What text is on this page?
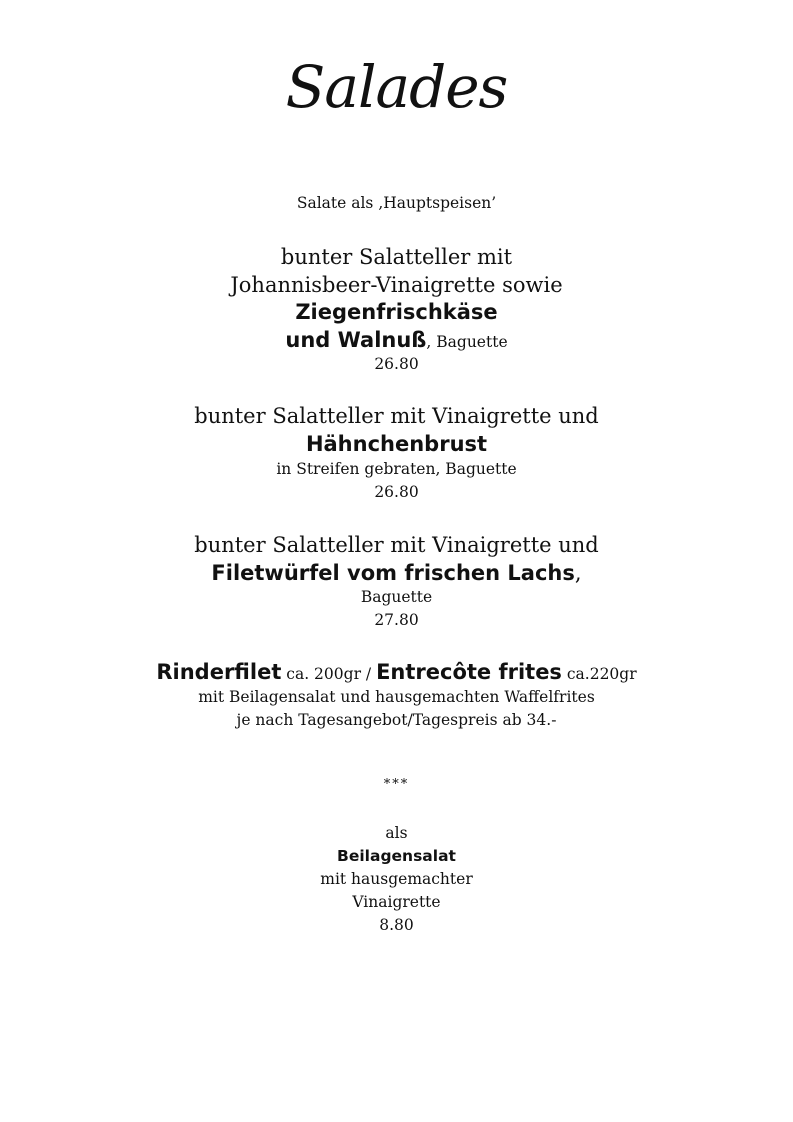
Salades
Salate als ‚Hauptspeisen’
bunter Salatteller mit
Johannisbeer-Vinaigrette sowie
Ziegenfrischkäse
und Walnuß, Baguette
26.80
bunter Salatteller mit Vinaigrette und
Hähnchenbrust
in Streifen gebraten, Baguette
26.80
bunter Salatteller mit Vinaigrette und
Filetwürfel vom frischen Lachs,
Baguette
27.80
Rinderfilet ca. 200gr / Entrecôte frites ca.220gr
mit Beilagensalat und hausgemachten Waffelfrites
je nach Tagesangebot/Tagespreis ab 34.-
***
als
Beilagensalat
mit hausgemachter
Vinaigrette
8.80
